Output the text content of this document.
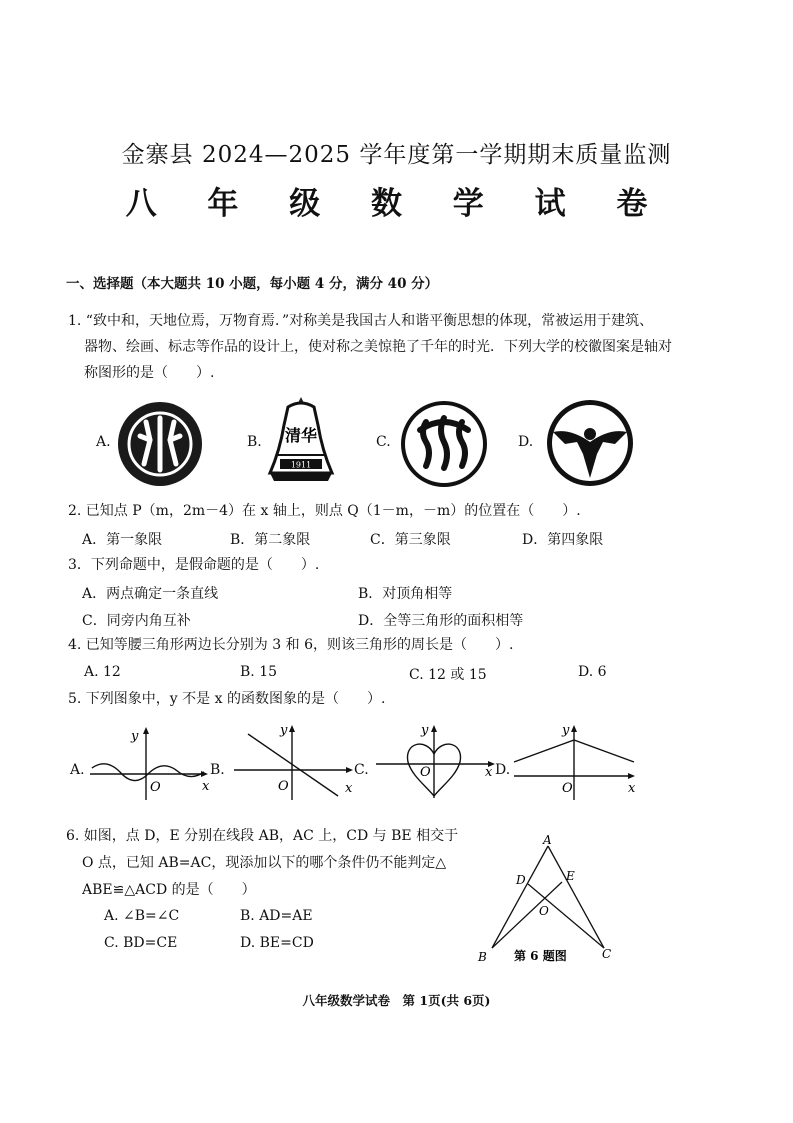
金寨县 2024—2025 学年度第一学期期末质量监测
八 年 级 数 学 试 卷
一、选择题（本大题共 10 小题，每小题 4 分，满分 40 分）
1. “致中和，天地位焉，万物育焉．”对称美是我国古人和谐平衡思想的体现，常被运用于建筑、
器物、绘画、标志等作品的设计上，使对称之美惊艳了千年的时光．下列大学的校徽图案是轴对
称图形的是（　　）.
A.	B.	C.	D.
清华
1911
2. 已知点 P（m，2m－4）在 x 轴上，则点 Q（1－m，－m）的位置在（　　）.
A．第一象限	B．第二象限	C．第三象限	D．第四象限
3．下列命题中，是假命题的是（　　）.
A．两点确定一条直线	B．对顶角相等
C．同旁内角互补	D．全等三角形的面积相等
4. 已知等腰三角形两边长分别为 3 和 6，则该三角形的周长是（　　）.
A. 12	B. 15	C. 12 或 15	D. 6
5. 下列图象中，y 不是 x 的函数图象的是（　　）.
A.	B.	C.	D.
y
O	x
y
O	x
y
O	x
y
O	x
6. 如图，点 D，E 分别在线段 AB，AC 上，CD 与 BE 相交于
O 点，已知 AB=AC，现添加以下的哪个条件仍不能判定△
ABE≌△ACD 的是（　　）
A. ∠B=∠C	B. AD=AE
C. BD=CE	D. BE=CD
A
D	E
O
B	C
第 6 题图
八年级数学试卷　第 1页(共 6页)
